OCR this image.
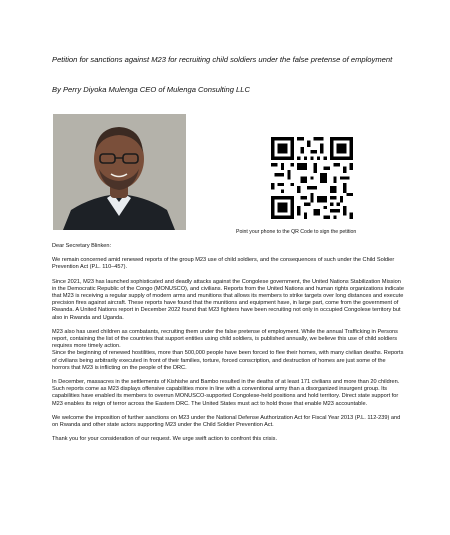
Petition for sanctions against M23 for recruiting child soldiers under the false pretense of employment

By Perry Diyoka Mulenga CEO of Mulenga Consulting LLC

Point your phone to the QR Code to sign the petition

Dear Secretary Blinken:

We remain concerned amid renewed reports of the group M23 use of child soldiers, and the consequences of such under the Child Soldier Prevention Act (P.L. 110–457).

Since 2021, M23 has launched sophisticated and deadly attacks against the Congolese government, the United Nations Stabilization Mission in the Democratic Republic of the Congo (MONUSCO), and civilians. Reports from the United Nations and human rights organizations indicate that M23 is receiving a regular supply of modern arms and munitions that allows its members to strike targets over long distances and execute precision fires against aircraft. These reports have found that the munitions and equipment have, in large part, come from the government of Rwanda. A United Nations report in December 2022 found that M23 fighters have been recruiting not only in occupied Congolese territory but also in Rwanda and Uganda.

M23 also has used children as combatants, recruiting them under the false pretense of employment. While the annual Trafficking in Persons report, containing the list of the countries that support entities using child soldiers, is published annually, we believe this use of child soldiers requires more timely action.

Since the beginning of renewed hostilities, more than 500,000 people have been forced to flee their homes, with many civilian deaths. Reports of civilians being arbitrarily executed in front of their families, torture, forced conscription, and destruction of homes are just some of the horrors that M23 is inflicting on the people of the DRC.

In December, massacres in the settlements of Kishishe and Bambo resulted in the deaths of at least 171 civilians and more than 20 children. Such reports come as M23 displays offensive capabilities more in line with a conventional army than a disorganized insurgent group. Its capabilities have enabled its members to overrun MONUSCO-supported Congolese-held positions and hold territory. Direct state support for M23 enables its reign of terror across the Eastern DRC. The United States must act to hold those that enable M23 accountable.

We welcome the imposition of further sanctions on M23 under the National Defense Authorization Act for Fiscal Year 2013 (P.L. 112-239) and on Rwanda and other state actors supporting M23 under the Child Soldier Prevention Act.

Thank you for your consideration of our request. We urge swift action to confront this crisis.
